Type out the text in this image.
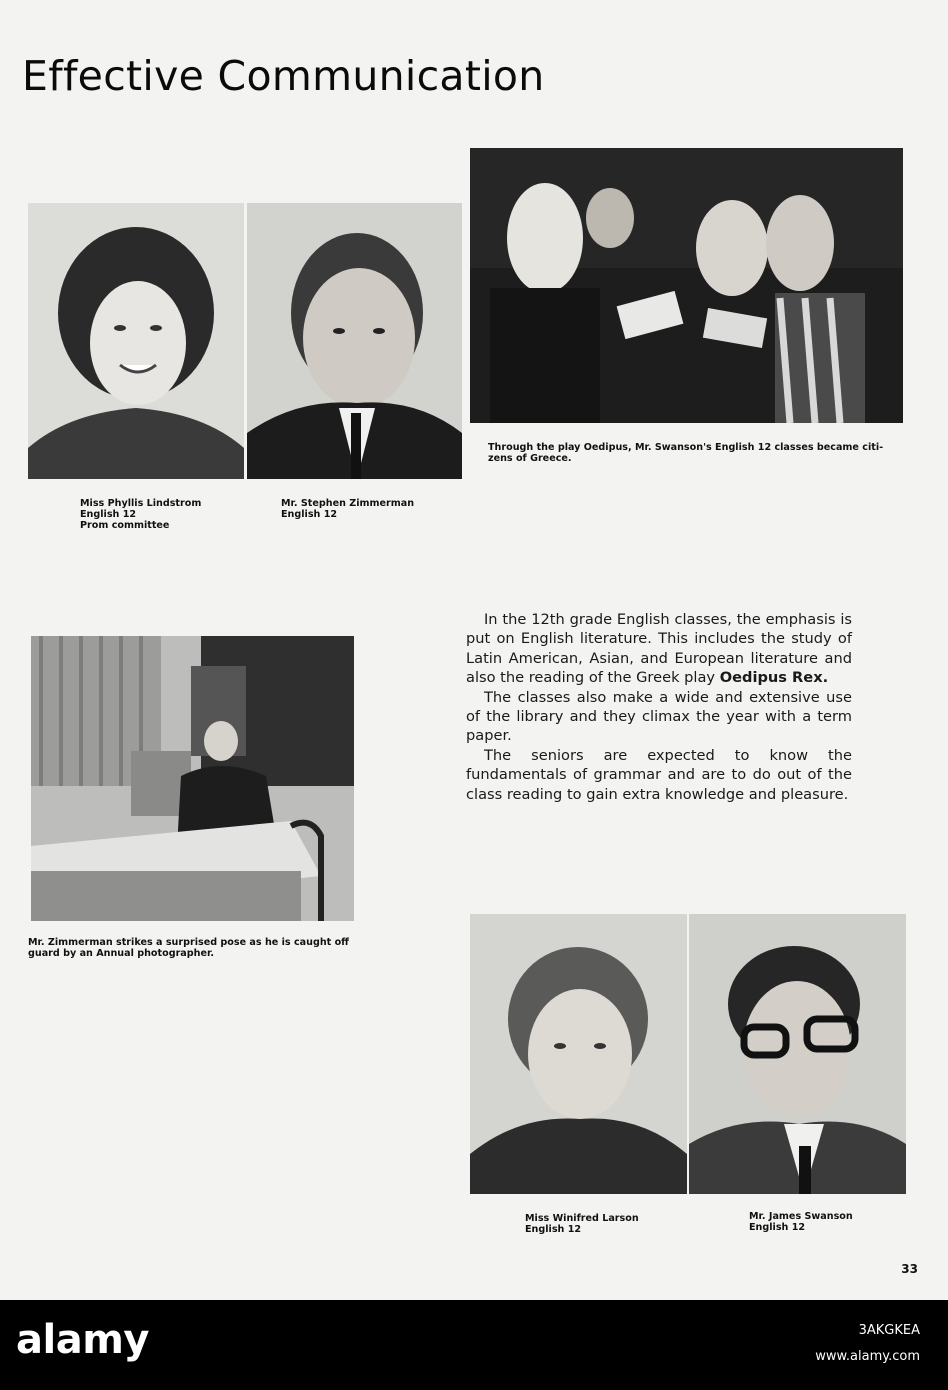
Effective Communication
Miss Phyllis Lindstrom
English 12
Prom committee
Mr. Stephen Zimmerman
English 12
Through the play Oedipus, Mr. Swanson's English 12 classes became citi-
zens of Greece.
Mr. Zimmerman strikes a surprised pose as he is caught off
guard by an Annual photographer.

In the 12th grade English classes, the emphasis is put on English literature. This includes the study of Latin American, Asian, and European literature and also the reading of the Greek play Oedipus Rex.

The classes also make a wide and extensive use of the library and they climax the year with a term paper.

The seniors are expected to know the fundamentals of grammar and are to do out of the class reading to gain extra knowledge and pleasure.

Miss Winifred Larson
English 12
Mr. James Swanson
English 12
33
alamy	3AKGKEA
www.alamy.com
